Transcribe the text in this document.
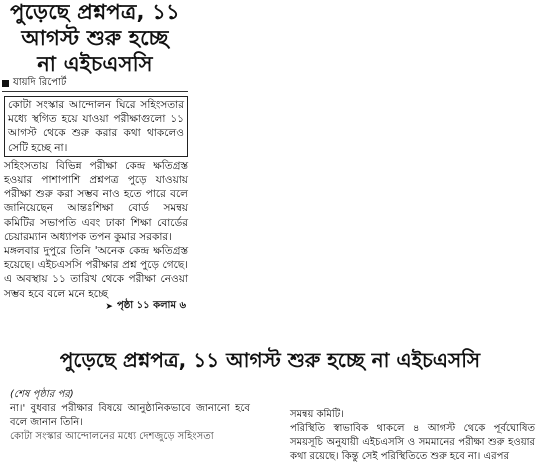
পুড়েছে প্রশ্নপত্র, ১১
আগস্ট শুরু হচ্ছে
না এইচএসসি
যায়দি রিপোর্ট

কোটা সংস্কার আন্দোলন ঘিরে সহিংসতার মধ্যে স্থগিত হয়ে যাওয়া পরীক্ষাগুলো ১১ আগস্ট থেকে শুরু করার কথা থাকলেও সেটি হচ্ছে না।

সহিংসতায় বিভিন্ন পরীক্ষা কেন্দ্র ক্ষতিগ্রস্ত হওয়ার পাশাপাশি প্রশ্নপত্র পুড়ে যাওয়ায় পরীক্ষা শুরু করা সম্ভব নাও হতে পারে বলে জানিয়েছেন আন্তঃশিক্ষা বোর্ড সমন্বয় কমিটির সভাপতি এবং ঢাকা শিক্ষা বোর্ডের চেয়ারম্যান অধ্যাপক তপন কুমার সরকার।

মঙ্গলবার দুপুরে তিনি 'অনেক কেন্দ্র ক্ষতিগ্রস্ত হয়েছে। এইচএসসি পরীক্ষার প্রশ্ন পুড়ে গেছে। এ অবস্থায় ১১ তারিখ থেকে পরীক্ষা নেওয়া সম্ভব হবে বলে মনে হচ্ছে

➤ পৃষ্ঠা ১১ কলাম ৬
পুড়েছে প্রশ্নপত্র, ১১ আগস্ট শুরু হচ্ছে না এইচএসসি

(শেষ পৃষ্ঠার পর)

না।' বুধবার পরীক্ষার বিষয়ে আনুষ্ঠানিকভাবে জানানো হবে বলে জানান তিনি।

কোটা সংস্কার আন্দোলনের মধ্যে দেশজুড়ে সহিংসতা

সমন্বয় কমিটি।

পরিস্থিতি স্বাভাবিক থাকলে ৪ আগস্ট থেকে পূর্বঘোষিত সময়সূচি অনুযায়ী এইচএসসি ও সমমানের পরীক্ষা শুরু হওয়ার কথা রয়েছে। কিন্তু সেই পরিস্থিতিতে শুরু হবে না। এরপর
